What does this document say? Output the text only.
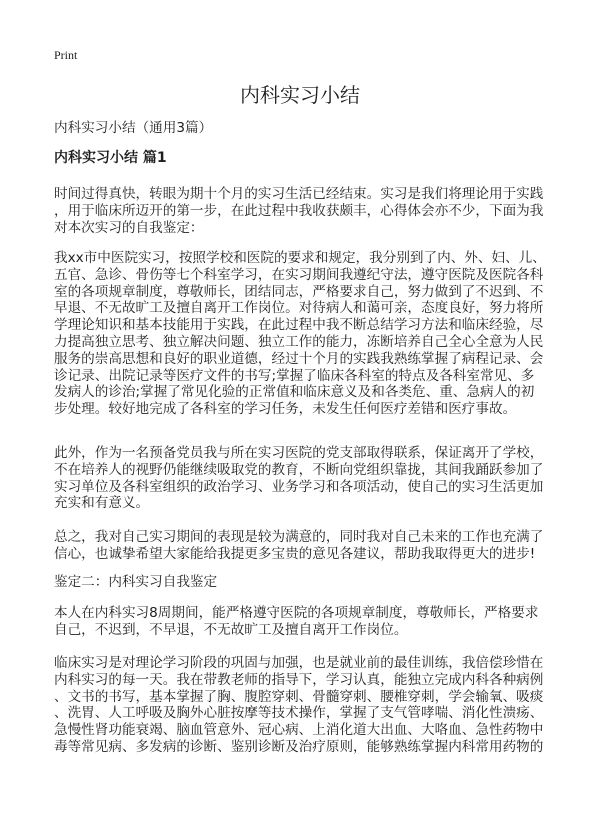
Print
内科实习小结
内科实习小结（通用3篇）
内科实习小结 篇1
时间过得真快，转眼为期十个月的实习生活已经结束。实习是我们将理论用于实践
，用于临床所迈开的第一步，在此过程中我收获颇丰，心得体会亦不少，下面为我
对本次实习的自我鉴定：
我xx市中医院实习，按照学校和医院的要求和规定，我分别到了内、外、妇、儿、
五官、急诊、骨伤等七个科室学习，在实习期间我遵纪守法，遵守医院及医院各科
室的各项规章制度，尊敬师长，团结同志，严格要求自己，努力做到了不迟到、不
早退、不无故旷工及擅自离开工作岗位。对待病人和蔼可亲，态度良好，努力将所
学理论知识和基本技能用于实践，在此过程中我不断总结学习方法和临床经验，尽
力提高独立思考、独立解决问题、独立工作的能力，冻断培养自己全心全意为人民
服务的崇高思想和良好的职业道德，经过十个月的实践我熟练掌握了病程记录、会
诊记录、出院记录等医疗文件的书写;掌握了临床各科室的特点及各科室常见、多
发病人的诊治;掌握了常见化验的正常值和临床意义及和各类危、重、急病人的初
步处理。较好地完成了各科室的学习任务，未发生任何医疗差错和医疗事故。
此外，作为一名预备党员我与所在实习医院的党支部取得联系，保证离开了学校，
不在培养人的视野仍能继续吸取党的教育，不断向党组织靠拢，其间我踊跃参加了
实习单位及各科室组织的政治学习、业务学习和各项活动，使自己的实习生活更加
充实和有意义。
总之，我对自己实习期间的表现是较为满意的，同时我对自己未来的工作也充满了
信心，也诚挚希望大家能给我提更多宝贵的意见各建议，帮助我取得更大的进步!
鉴定二：内科实习自我鉴定
本人在内科实习8周期间，能严格遵守医院的各项规章制度，尊敬师长，严格要求
自己，不迟到，不早退，不无故旷工及擅自离开工作岗位。
临床实习是对理论学习阶段的巩固与加强，也是就业前的最佳训练，我倍偿珍惜在
内科实习的每一天。我在带教老师的指导下，学习认真，能独立完成内科各种病例
、文书的书写，基本掌握了胸、腹腔穿刺、骨髓穿刺、腰椎穿刺，学会输氧、吸痰
、洗胃、人工呼吸及胸外心脏按摩等技术操作，掌握了支气管哮喘、消化性溃疡、
急慢性肾功能衰竭、脑血管意外、冠心病、上消化道大出血、大咯血、急性药物中
毒等常见病、多发病的诊断、鉴别诊断及治疗原则，能够熟练掌握内科常用药物的
